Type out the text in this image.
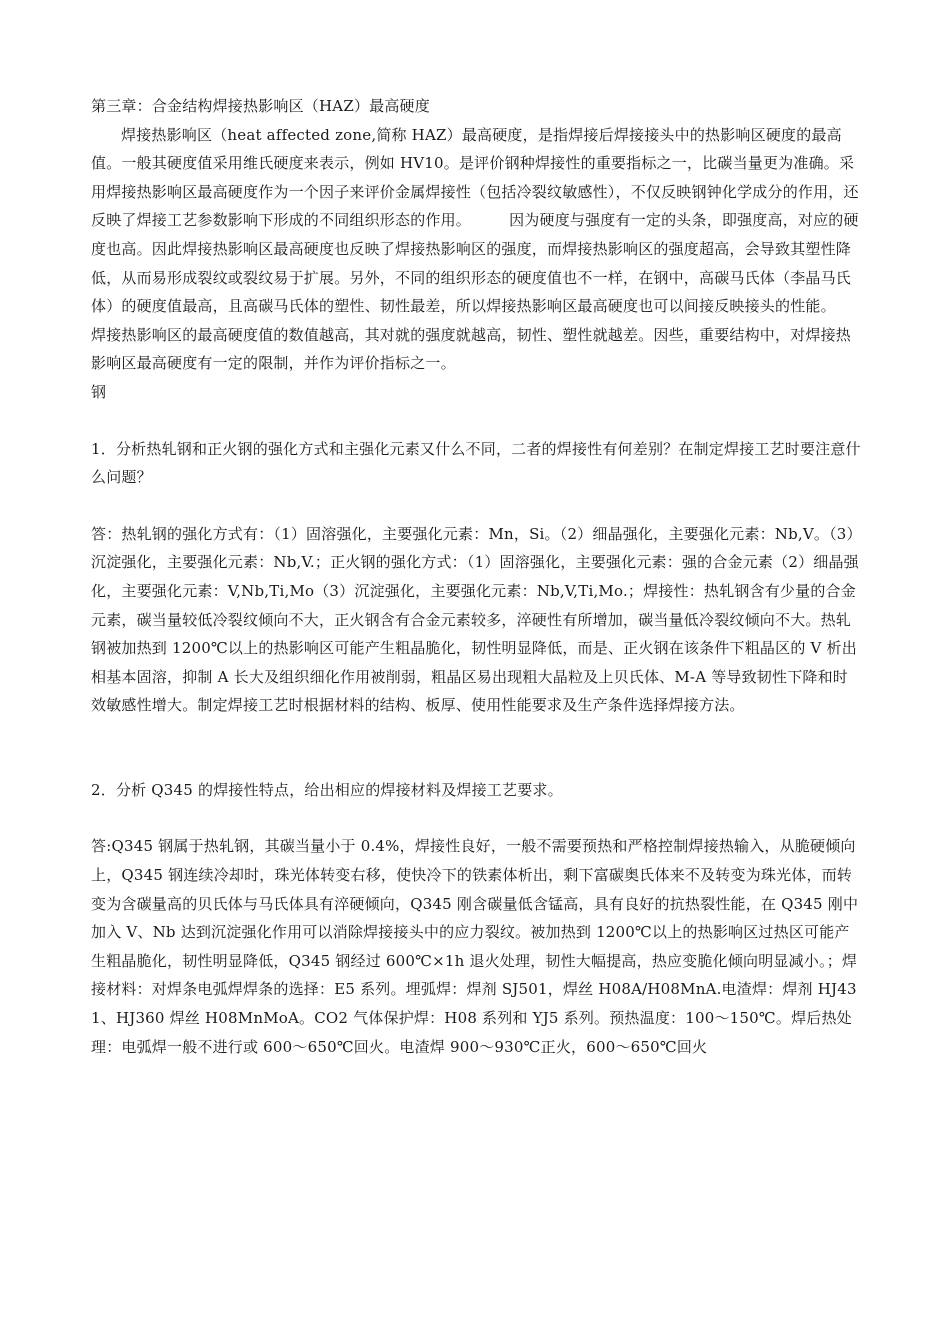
第三章：合金结构焊接热影响区（HAZ）最高硬度

焊接热影响区（heat affected zone,简称 HAZ）最高硬度，是指焊接后焊接接头中的热影响区硬度的最高值。一般其硬度值采用维氏硬度来表示，例如 HV10。是评价钢种焊接性的重要指标之一，比碳当量更为准确。采用焊接热影响区最高硬度作为一个因子来评价金属焊接性（包括冷裂纹敏感性），不仅反映钢钟化学成分的作用，还反映了焊接工艺参数影响下形成的不同组织形态的作用。　　　因为硬度与强度有一定的头条，即强度高，对应的硬度也高。因此焊接热影响区最高硬度也反映了焊接热影响区的强度，而焊接热影响区的强度超高，会导致其塑性降低，从而易形成裂纹或裂纹易于扩展。另外，不同的组织形态的硬度值也不一样，在钢中，高碳马氏体（李晶马氏体）的硬度值最高，且高碳马氏体的塑性、韧性最差，所以焊接热影响区最高硬度也可以间接反映接头的性能。　　　焊接热影响区的最高硬度值的数值越高，其对就的强度就越高，韧性、塑性就越差。因些，重要结构中，对焊接热影响区最高硬度有一定的限制，并作为评价指标之一。

钢

1．分析热轧钢和正火钢的强化方式和主强化元素又什么不同，二者的焊接性有何差别？在制定焊接工艺时要注意什么问题？

答：热轧钢的强化方式有：（1）固溶强化，主要强化元素：Mn，Si。（2）细晶强化，主要强化元素：Nb,V。（3）沉淀强化，主要强化元素：Nb,V.；正火钢的强化方式：（1）固溶强化，主要强化元素：强的合金元素（2）细晶强化，主要强化元素：V,Nb,Ti,Mo（3）沉淀强化，主要强化元素：Nb,V,Ti,Mo.；焊接性：热轧钢含有少量的合金元素，碳当量较低冷裂纹倾向不大，正火钢含有合金元素较多，淬硬性有所增加，碳当量低冷裂纹倾向不大。热轧钢被加热到 1200℃以上的热影响区可能产生粗晶脆化，韧性明显降低，而是、正火钢在该条件下粗晶区的 V 析出相基本固溶，抑制 A 长大及组织细化作用被削弱，粗晶区易出现粗大晶粒及上贝氏体、M-A 等导致韧性下降和时效敏感性增大。制定焊接工艺时根据材料的结构、板厚、使用性能要求及生产条件选择焊接方法。

2．分析 Q345 的焊接性特点，给出相应的焊接材料及焊接工艺要求。

答:Q345 钢属于热轧钢，其碳当量小于 0.4%，焊接性良好，一般不需要预热和严格控制焊接热输入，从脆硬倾向上，Q345 钢连续冷却时，珠光体转变右移，使快冷下的铁素体析出，剩下富碳奥氏体来不及转变为珠光体，而转变为含碳量高的贝氏体与马氏体具有淬硬倾向，Q345 刚含碳量低含锰高，具有良好的抗热裂性能，在 Q345 刚中加入 V、Nb 达到沉淀强化作用可以消除焊接接头中的应力裂纹。被加热到 1200℃以上的热影响区过热区可能产生粗晶脆化，韧性明显降低，Q345 钢经过 600℃×1h 退火处理，韧性大幅提高，热应变脆化倾向明显减小。；焊接材料：对焊条电弧焊焊条的选择：E5 系列。埋弧焊：焊剂 SJ501，焊丝 H08A/H08MnA.电渣焊：焊剂 HJ431、HJ360 焊丝 H08MnMoA。CO2 气体保护焊：H08 系列和 YJ5 系列。预热温度：100～150℃。焊后热处理：电弧焊一般不进行或 600～650℃回火。电渣焊 900～930℃正火，600～650℃回火
